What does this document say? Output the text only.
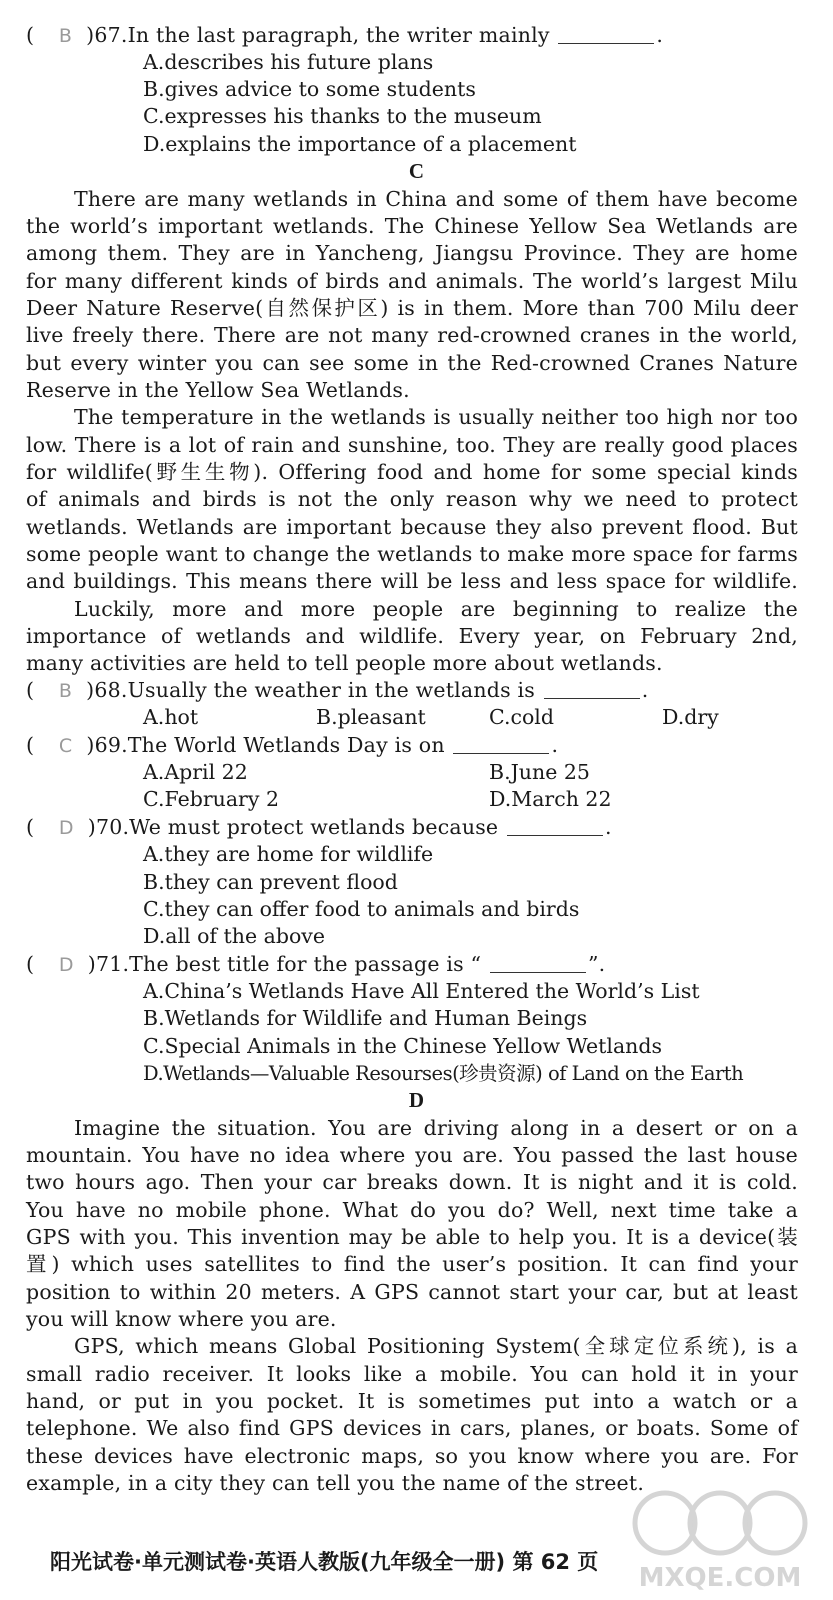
( B )67.In the last paragraph, the writer mainly	.
A.describes his future plans
B.gives advice to some students
C.expresses his thanks to the museum
D.explains the importance of a placement
C
There are many wetlands in China and some of them have become
the world’s important wetlands. The Chinese Yellow Sea Wetlands are
among them. They are in Yancheng, Jiangsu Province. They are home
for many different kinds of birds and animals. The world’s largest Milu
Deer Nature Reserve(自然保护区) is in them. More than 700 Milu deer
live freely there. There are not many red-crowned cranes in the world,
but every winter you can see some in the Red-crowned Cranes Nature
Reserve in the Yellow Sea Wetlands.
The temperature in the wetlands is usually neither too high nor too
low. There is a lot of rain and sunshine, too. They are really good places
for wildlife(野生生物). Offering food and home for some special kinds
of animals and birds is not the only reason why we need to protect
wetlands. Wetlands are important because they also prevent flood. But
some people want to change the wetlands to make more space for farms
and buildings. This means there will be less and less space for wildlife.
Luckily, more and more people are beginning to realize the
importance of wetlands and wildlife. Every year, on February 2nd,
many activities are held to tell people more about wetlands.
( B )68.Usually the weather in the wetlands is	.
A.hot	B.pleasant	C.cold	D.dry
( C )69.The World Wetlands Day is on	.
A.April 22	B.June 25
C.February 2	D.March 22
( D )70.We must protect wetlands because	.
A.they are home for wildlife
B.they can prevent flood
C.they can offer food to animals and birds
D.all of the above
( D )71.The best title for the passage is “	”.
A.China’s Wetlands Have All Entered the World’s List
B.Wetlands for Wildlife and Human Beings
C.Special Animals in the Chinese Yellow Wetlands
D.Wetlands—Valuable Resourses(珍贵资源) of Land on the Earth
D
Imagine the situation. You are driving along in a desert or on a
mountain. You have no idea where you are. You passed the last house
two hours ago. Then your car breaks down. It is night and it is cold.
You have no mobile phone. What do you do? Well, next time take a
GPS with you. This invention may be able to help you. It is a device(装
置) which uses satellites to find the user’s position. It can find your
position to within 20 meters. A GPS cannot start your car, but at least
you will know where you are.
GPS, which means Global Positioning System(全球定位系统), is a
small radio receiver. It looks like a mobile. You can hold it in your
hand, or put in you pocket. It is sometimes put into a watch or a
telephone. We also find GPS devices in cars, planes, or boats. Some of
these devices have electronic maps, so you know where you are. For
example, in a city they can tell you the name of the street.
MXQE.COM
阳光试卷·单元测试卷·英语人教版(九年级全一册) 第 62 页
